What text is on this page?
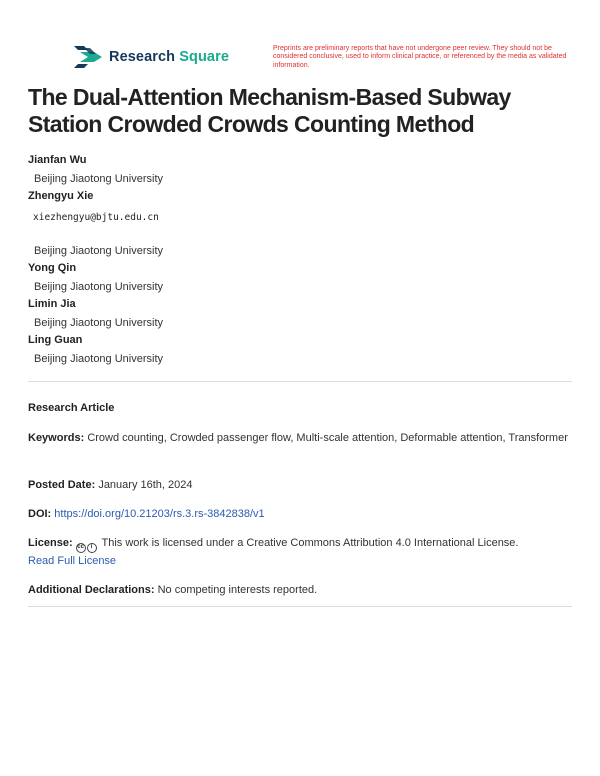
Research Square
Preprints are preliminary reports that have not undergone peer review. They should not be considered conclusive, used to inform clinical practice, or referenced by the media as validated information.
The Dual-Attention Mechanism-Based Subway Station Crowded Crowds Counting Method
Jianfan Wu
Beijing Jiaotong University
Zhengyu Xie
xiezhengyu@bjtu.edu.cn
Beijing Jiaotong University
Yong Qin
Beijing Jiaotong University
Limin Jia
Beijing Jiaotong University
Ling Guan
Beijing Jiaotong University
Research Article
Keywords: Crowd counting, Crowded passenger flow, Multi-scale attention, Deformable attention, Transformer
Posted Date: January 16th, 2024
DOI: https://doi.org/10.21203/rs.3.rs-3842838/v1
License: cc	i This work is licensed under a Creative Commons Attribution 4.0 International License.
Read Full License
Additional Declarations: No competing interests reported.
